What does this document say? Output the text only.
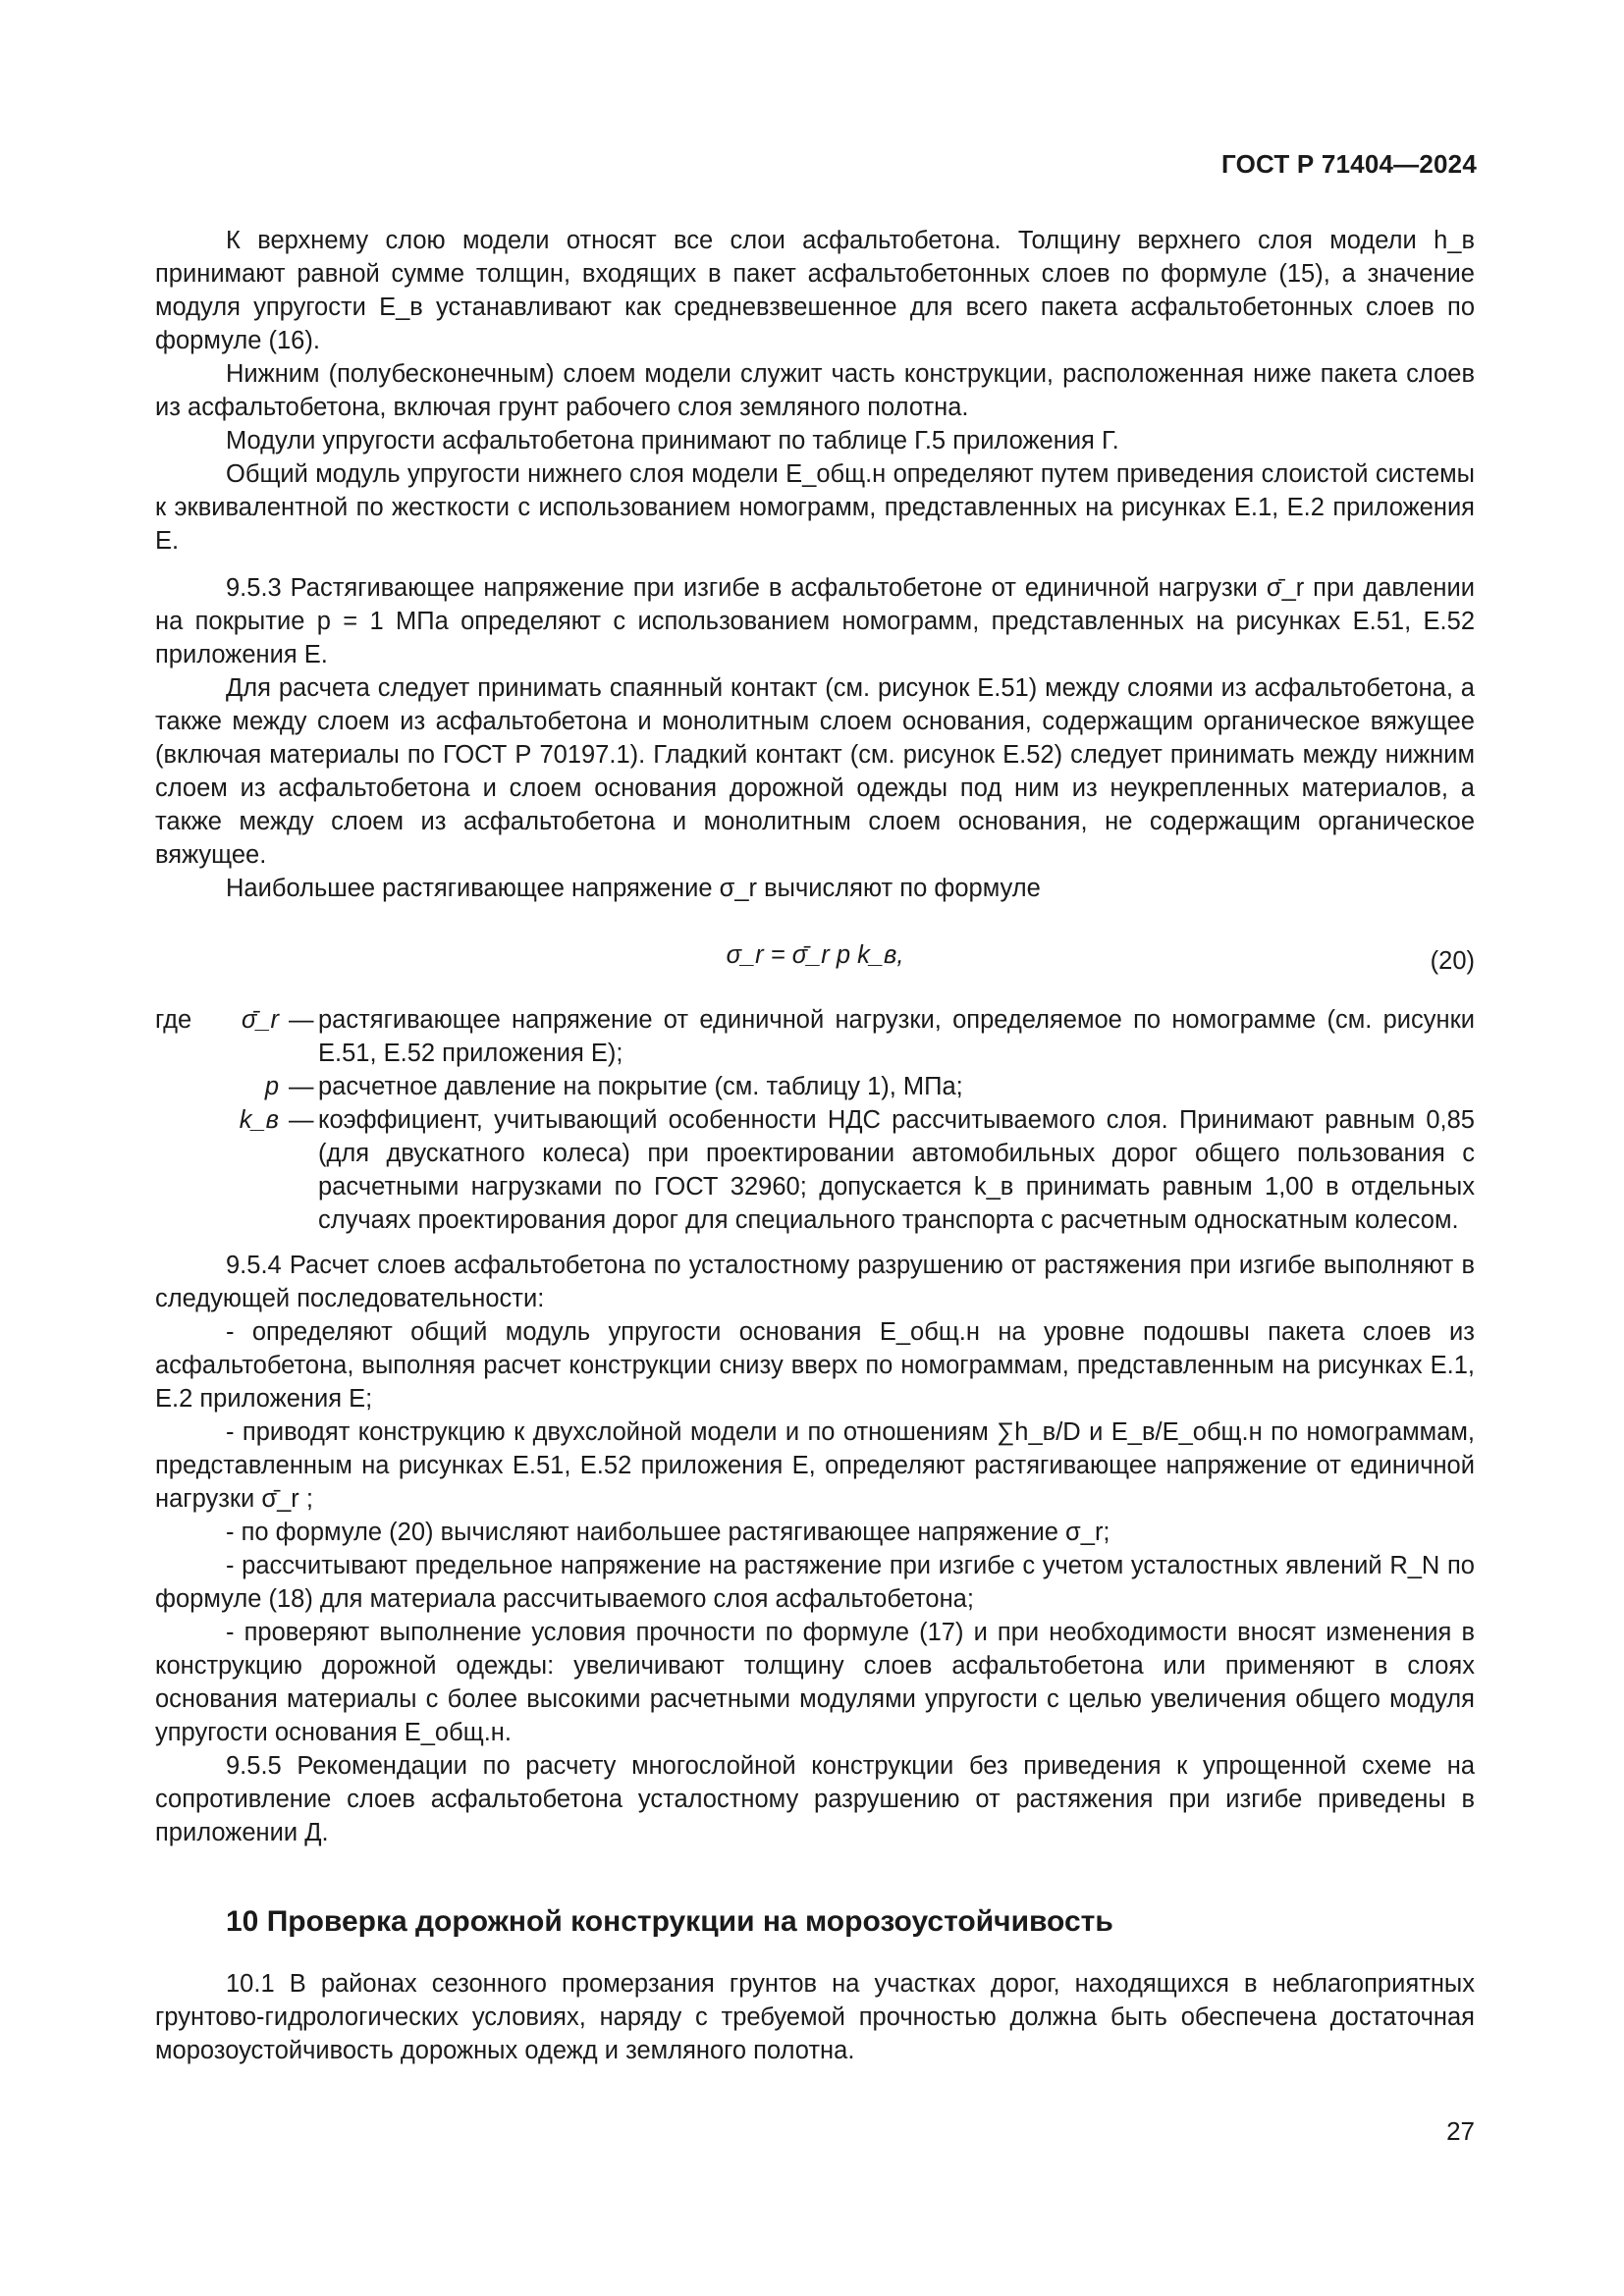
ГОСТ Р 71404—2024

К верхнему слою модели относят все слои асфальтобетона. Толщину верхнего слоя модели h_в принимают равной сумме толщин, входящих в пакет асфальтобетонных слоев по формуле (15), а значение модуля упругости E_в устанавливают как средневзвешенное для всего пакета асфальтобетонных слоев по формуле (16).

Нижним (полубесконечным) слоем модели служит часть конструкции, расположенная ниже пакета слоев из асфальтобетона, включая грунт рабочего слоя земляного полотна.

Модули упругости асфальтобетона принимают по таблице Г.5 приложения Г.

Общий модуль упругости нижнего слоя модели E_общ.н определяют путем приведения слоистой системы к эквивалентной по жесткости с использованием номограмм, представленных на рисунках Е.1, Е.2 приложения Е.

9.5.3 Растягивающее напряжение при изгибе в асфальтобетоне от единичной нагрузки σ̄_r при давлении на покрытие p = 1 МПа определяют с использованием номограмм, представленных на рисунках Е.51, Е.52 приложения Е.

Для расчета следует принимать спаянный контакт (см. рисунок Е.51) между слоями из асфальтобетона, а также между слоем из асфальтобетона и монолитным слоем основания, содержащим органическое вяжущее (включая материалы по ГОСТ Р 70197.1). Гладкий контакт (см. рисунок Е.52) следует принимать между нижним слоем из асфальтобетона и слоем основания дорожной одежды под ним из неукрепленных материалов, а также между слоем из асфальтобетона и монолитным слоем основания, не содержащим органическое вяжущее.

Наибольшее растягивающее напряжение σ_r вычисляют по формуле

σ_r = σ̄_r p k_в,	(20)
где σ̄_r — растягивающее напряжение от единичной нагрузки, определяемое по номограмме (см. рисунки Е.51, Е.52 приложения Е);
p — расчетное давление на покрытие (см. таблицу 1), МПа;
k_в — коэффициент, учитывающий особенности НДС рассчитываемого слоя. Принимают равным 0,85 (для двускатного колеса) при проектировании автомобильных дорог общего пользования с расчетными нагрузками по ГОСТ 32960; допускается k_в принимать равным 1,00 в отдельных случаях проектирования дорог для специального транспорта с расчетным односкатным колесом.

9.5.4 Расчет слоев асфальтобетона по усталостному разрушению от растяжения при изгибе выполняют в следующей последовательности:

- определяют общий модуль упругости основания E_общ.н на уровне подошвы пакета слоев из асфальтобетона, выполняя расчет конструкции снизу вверх по номограммам, представленным на рисунках Е.1, Е.2 приложения Е;

- приводят конструкцию к двухслойной модели и по отношениям ∑h_в/D и E_в/E_общ.н по номограммам, представленным на рисунках Е.51, Е.52 приложения Е, определяют растягивающее напряжение от единичной нагрузки σ̄_r ;

- по формуле (20) вычисляют наибольшее растягивающее напряжение σ_r;

- рассчитывают предельное напряжение на растяжение при изгибе с учетом усталостных явлений R_N по формуле (18) для материала рассчитываемого слоя асфальтобетона;

- проверяют выполнение условия прочности по формуле (17) и при необходимости вносят изменения в конструкцию дорожной одежды: увеличивают толщину слоев асфальтобетона или применяют в слоях основания материалы с более высокими расчетными модулями упругости с целью увеличения общего модуля упругости основания E_общ.н.

9.5.5 Рекомендации по расчету многослойной конструкции без приведения к упрощенной схеме на сопротивление слоев асфальтобетона усталостному разрушению от растяжения при изгибе приведены в приложении Д.

10 Проверка дорожной конструкции на морозоустойчивость

10.1 В районах сезонного промерзания грунтов на участках дорог, находящихся в неблагоприятных грунтово-гидрологических условиях, наряду с требуемой прочностью должна быть обеспечена достаточная морозоустойчивость дорожных одежд и земляного полотна.

27
